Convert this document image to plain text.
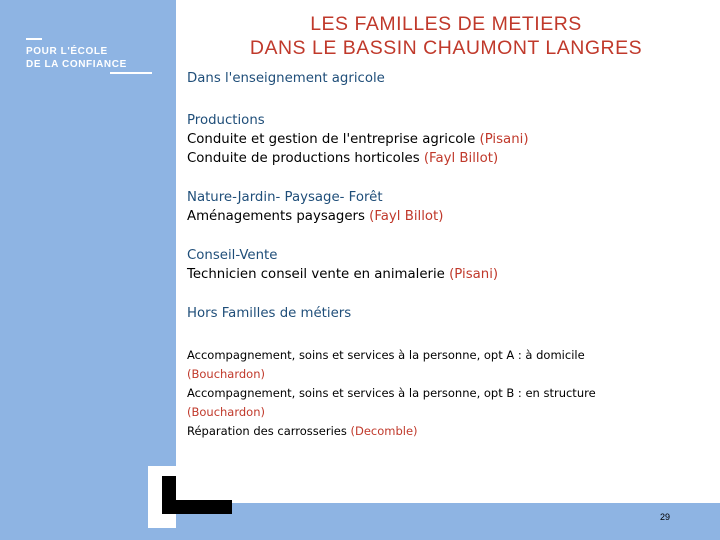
POUR L'ÉCOLE
DE LA CONFIANCE
29
LES FAMILLES DE METIERS
DANS LE BASSIN CHAUMONT LANGRES
Dans l'enseignement agricole
Productions
Conduite et gestion de l'entreprise agricole (Pisani)
Conduite de productions horticoles (Fayl Billot)
Nature-Jardin- Paysage- Forêt
Aménagements paysagers (Fayl Billot)
Conseil-Vente
Technicien conseil vente en animalerie (Pisani)
Hors Familles de métiers
Accompagnement, soins et services à la personne, opt A : à domicile
(Bouchardon)
Accompagnement, soins et services à la personne, opt B : en structure
(Bouchardon)
Réparation des carrosseries (Decomble)
